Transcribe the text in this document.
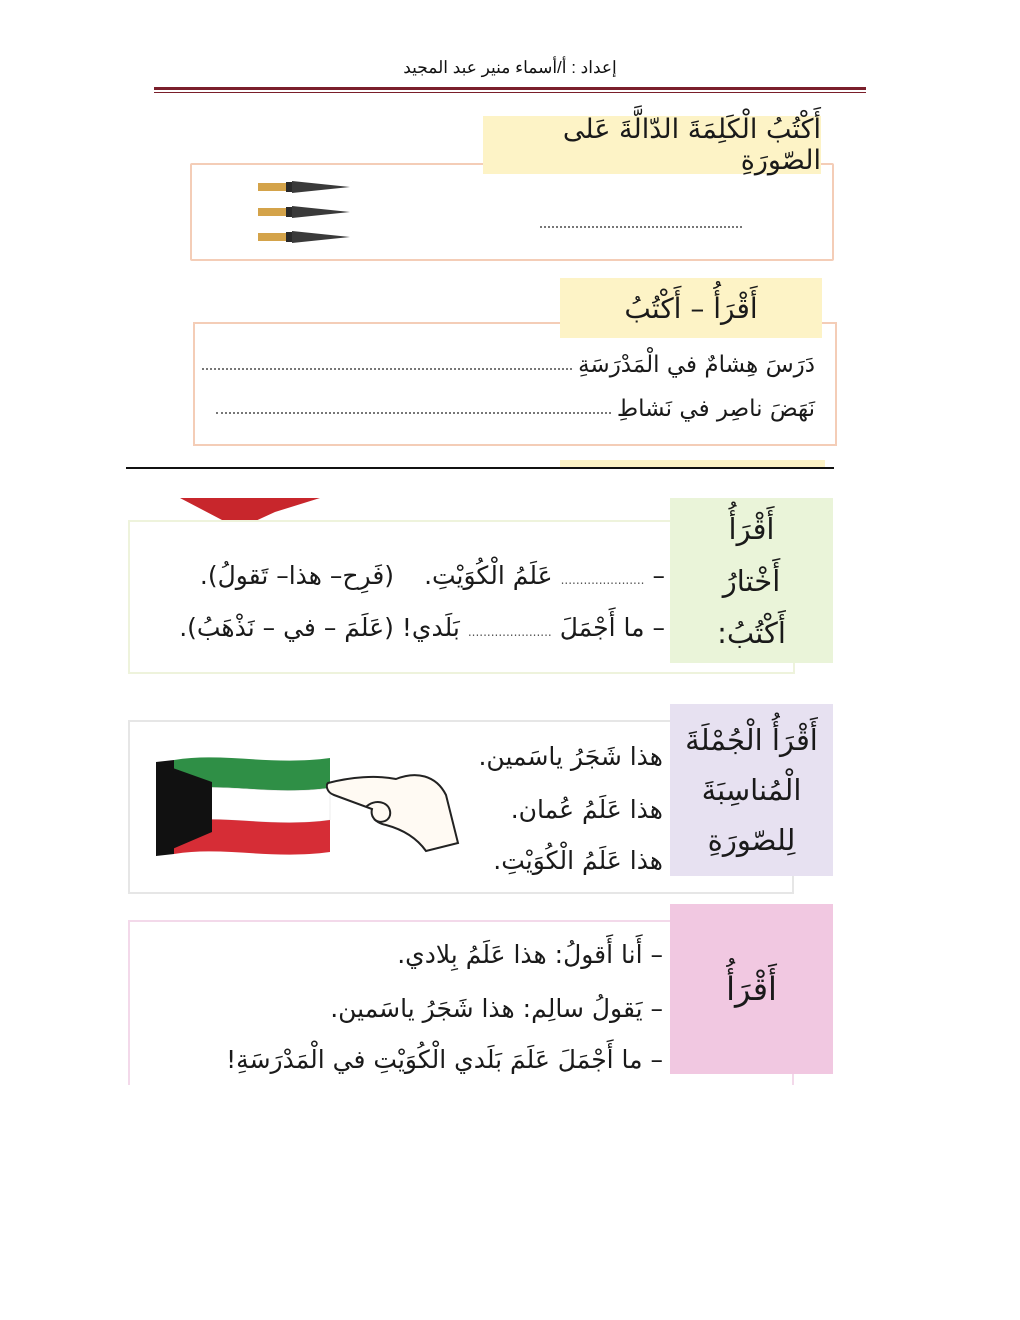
إعداد : أ/أسماء منير عبد المجيد
أَكْتُبُ الْكَلِمَةَ الدّالَّةَ عَلى الصّورَةِ
أَقْرَأُ – أَكْتُبُ
دَرَسَ هِشامٌ في الْمَدْرَسَةِ
نَهَضَ ناصِر في نَشاطِ
أَقْرَأُ
أَخْتارُ
أَكْتُبُ:
–
......................
عَلَمُ الْكُوَيْتِ.
(فَرِح– هذا– تَقولُ).
–
ما أَجْمَلَ
......................
بَلَدي!
(عَلَمَ – في – نَذْهَبُ).
أَقْرَأُ الْجُمْلَةَ
الْمُناسِبَةَ
لِلصّورَةِ
هذا شَجَرُ ياسَمين.
هذا عَلَمُ عُمان.
هذا عَلَمُ الْكُوَيْتِ.
أَقْرَأُ
– أَنا أَقولُ: هذا عَلَمُ بِلادي.
– يَقولُ سالِم: هذا شَجَرُ ياسَمين.
– ما أَجْمَلَ عَلَمَ بَلَدي الْكُوَيْتِ في الْمَدْرَسَةِ!
